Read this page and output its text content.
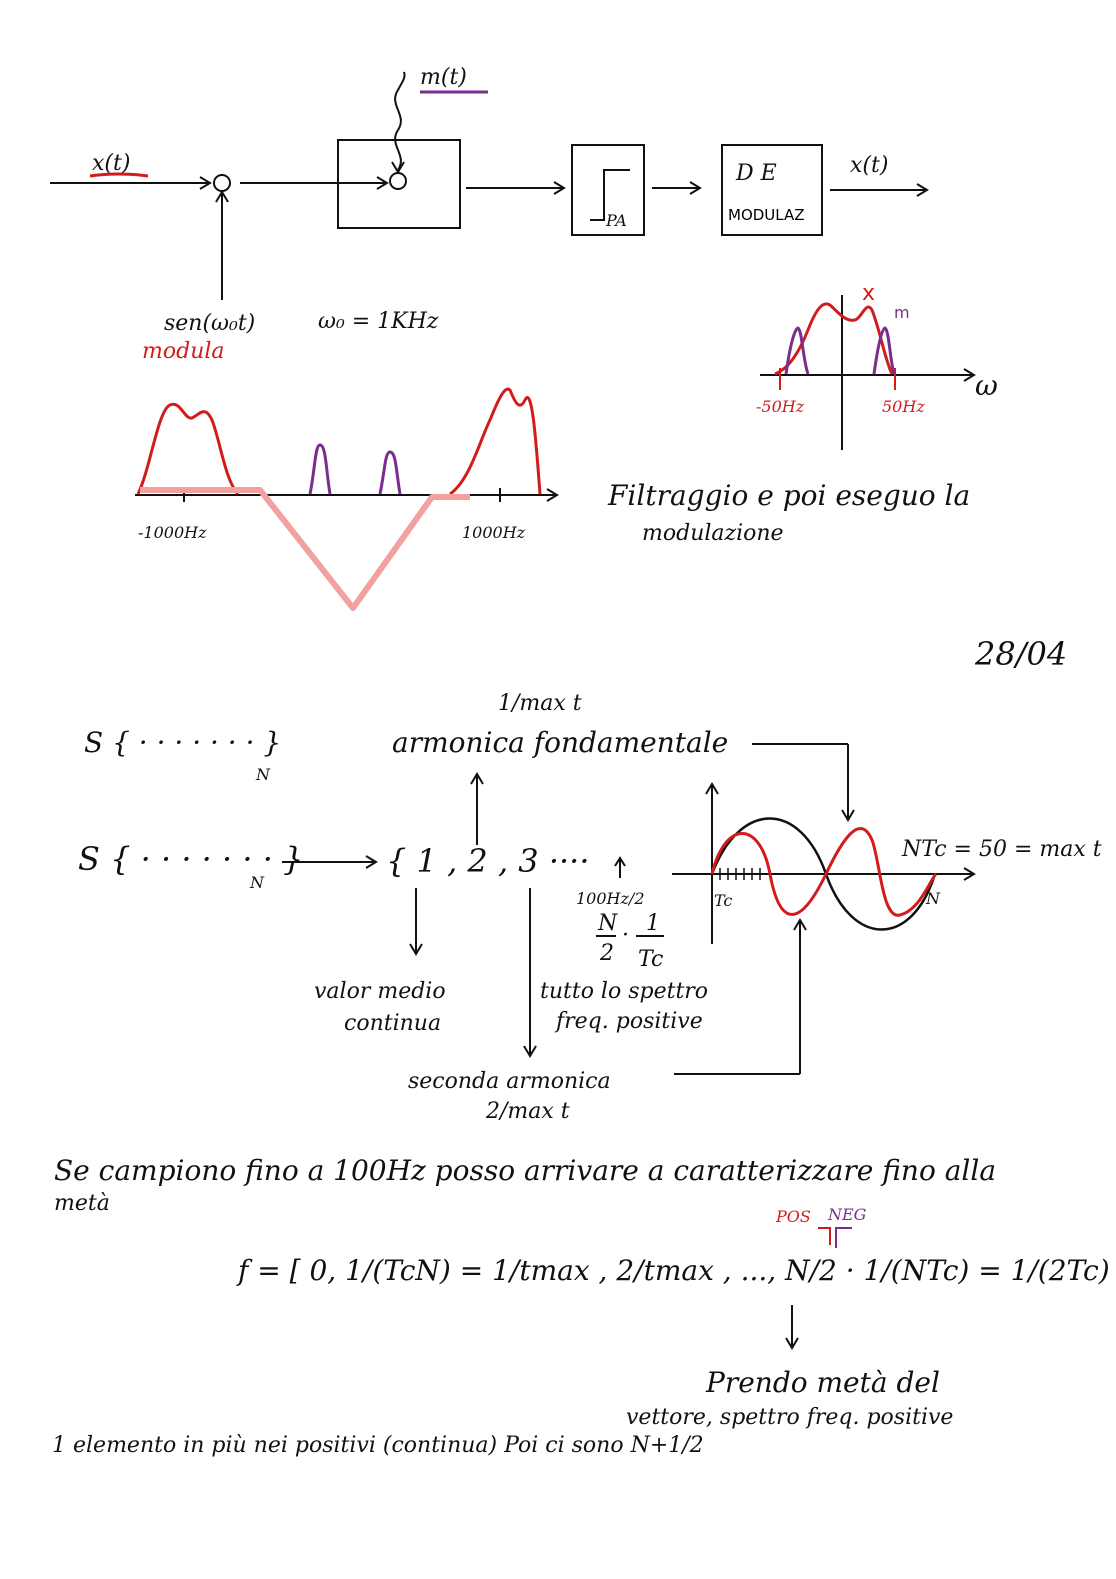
x(t)
sen(ω₀t)
modula
ω₀ = 1KHz
m(t)
PA
D E
MODULAZ
x(t)
-1000Hz	1000Hz
x
m
-50Hz	50Hz
ω
Filtraggio e poi eseguo la
modulazione
28/04
S { · · · · · · · }
N
S { · · · · · · · }
N
{ 1 , 2 , 3 ····
1/max t
armonica fondamentale
valor medio
continua
seconda armonica
2/max t
tutto lo spettro
freq. positive
100Hz/2
N
2
· 1
Tc
Tc	N
NTc = 50 = max t
Se campiono fino a 100Hz posso arrivare a caratterizzare fino alla
metà
POS NEG
f = [ 0, 1/(TcN) = 1/tmax , 2/tmax , ..., N/2 · 1/(NTc) = 1/(2Tc)
Prendo metà del
vettore, spettro freq. positive
1 elemento in più nei positivi (continua) Poi ci sono N+1/2
